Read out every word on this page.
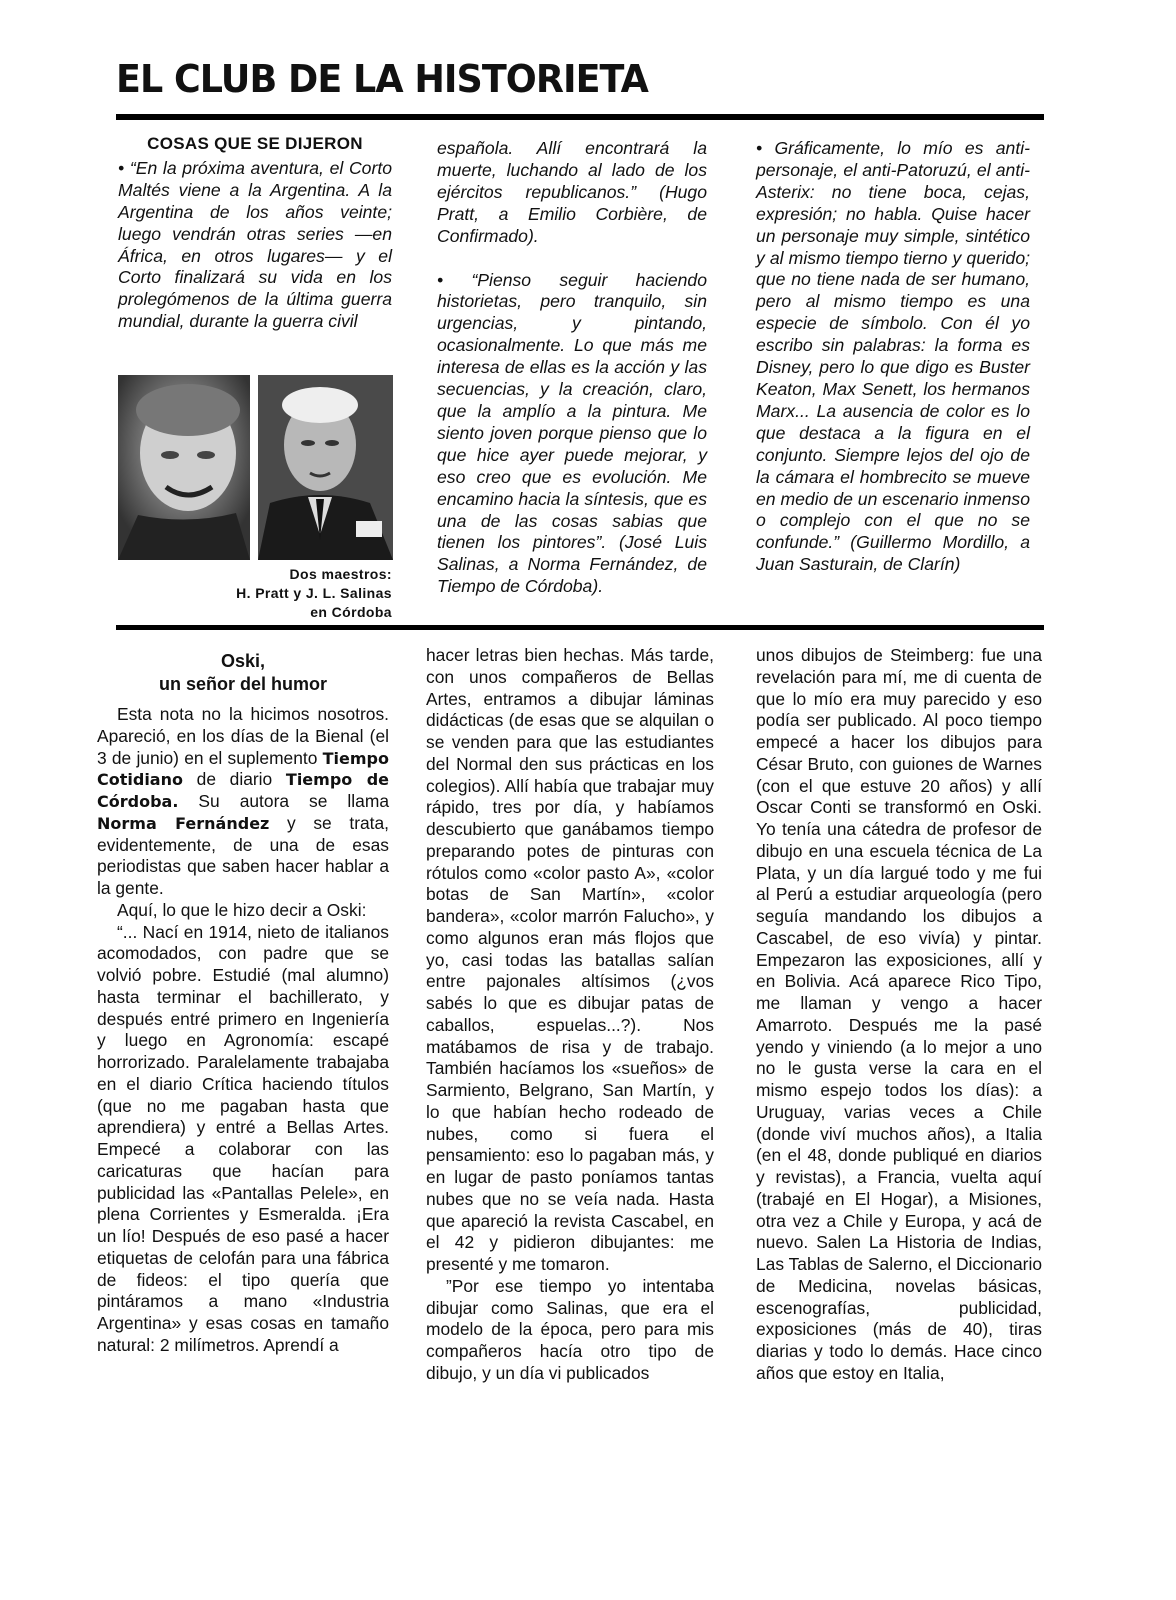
EL CLUB DE LA HISTORIETA
COSAS QUE SE DIJERON

• “En la próxima aventura, el Corto Maltés viene a la Argentina. A la Argentina de los años veinte; luego vendrán otras series —en África, en otros lugares— y el Corto finalizará su vida en los prolegómenos de la última guerra mundial, durante la guerra civil

Dos maestros:
H. Pratt y J. L. Salinas
en Córdoba

española. Allí encontrará la muerte, luchando al lado de los ejércitos republicanos.” (Hugo Pratt, a Emilio Corbière, de Confirmado).

• “Pienso seguir haciendo historietas, pero tranquilo, sin urgencias, y pintando, ocasionalmente. Lo que más me interesa de ellas es la acción y las secuencias, y la creación, claro, que la amplío a la pintura. Me siento joven porque pienso que lo que hice ayer puede mejorar, y eso creo que es evolución. Me encamino hacia la síntesis, que es una de las cosas sabias que tienen los pintores”. (José Luis Salinas, a Norma Fernández, de Tiempo de Córdoba).

• Gráficamente, lo mío es anti-personaje, el anti-Patoruzú, el anti-Asterix: no tiene boca, cejas, expresión; no habla. Quise hacer un personaje muy simple, sintético y al mismo tiempo tierno y querido; que no tiene nada de ser humano, pero al mismo tiempo es una especie de símbolo. Con él yo escribo sin palabras: la forma es Disney, pero lo que digo es Buster Keaton, Max Senett, los hermanos Marx... La ausencia de color es lo que destaca a la figura en el conjunto. Siempre lejos del ojo de la cámara el hombrecito se mueve en medio de un escenario inmenso o complejo con el que no se confunde.” (Guillermo Mordillo, a Juan Sasturain, de Clarín)

Oski,
un señor del humor

Esta nota no la hicimos nosotros. Apareció, en los días de la Bienal (el 3 de junio) en el suplemento Tiempo Cotidiano de diario Tiempo de Córdoba. Su autora se llama Norma Fernández y se trata, evidentemente, de una de esas periodistas que saben hacer hablar a la gente.

Aquí, lo que le hizo decir a Oski:

“... Nací en 1914, nieto de italianos acomodados, con padre que se volvió pobre. Estudié (mal alumno) hasta terminar el bachillerato, y después entré primero en Ingeniería y luego en Agronomía: escapé horrorizado. Paralelamente trabajaba en el diario Crítica haciendo títulos (que no me pagaban hasta que aprendiera) y entré a Bellas Artes. Empecé a colaborar con las caricaturas que hacían para publicidad las «Pantallas Pelele», en plena Corrientes y Esmeralda. ¡Era un lío! Después de eso pasé a hacer etiquetas de celofán para una fábrica de fideos: el tipo quería que pintáramos a mano «Industria Argentina» y esas cosas en tamaño natural: 2 milímetros. Aprendí a

hacer letras bien hechas. Más tarde, con unos compañeros de Bellas Artes, entramos a dibujar láminas didácticas (de esas que se alquilan o se venden para que las estudiantes del Normal den sus prácticas en los colegios). Allí había que trabajar muy rápido, tres por día, y habíamos descubierto que ganábamos tiempo preparando potes de pinturas con rótulos como «color pasto A», «color botas de San Martín», «color bandera», «color marrón Falucho», y como algunos eran más flojos que yo, casi todas las batallas salían entre pajonales altísimos (¿vos sabés lo que es dibujar patas de caballos, espuelas...?). Nos matábamos de risa y de trabajo. También hacíamos los «sueños» de Sarmiento, Belgrano, San Martín, y lo que habían hecho rodeado de nubes, como si fuera el pensamiento: eso lo pagaban más, y en lugar de pasto poníamos tantas nubes que no se veía nada. Hasta que apareció la revista Cascabel, en el 42 y pidieron dibujantes: me presenté y me tomaron.

”Por ese tiempo yo intentaba dibujar como Salinas, que era el modelo de la época, pero para mis compañeros hacía otro tipo de dibujo, y un día vi publicados

unos dibujos de Steimberg: fue una revelación para mí, me di cuenta de que lo mío era muy parecido y eso podía ser publicado. Al poco tiempo empecé a hacer los dibujos para César Bruto, con guiones de Warnes (con el que estuve 20 años) y allí Oscar Conti se transformó en Oski. Yo tenía una cátedra de profesor de dibujo en una escuela técnica de La Plata, y un día largué todo y me fui al Perú a estudiar arqueología (pero seguía mandando los dibujos a Cascabel, de eso vivía) y pintar. Empezaron las exposiciones, allí y en Bolivia. Acá aparece Rico Tipo, me llaman y vengo a hacer Amarroto. Después me la pasé yendo y viniendo (a lo mejor a uno no le gusta verse la cara en el mismo espejo todos los días): a Uruguay, varias veces a Chile (donde viví muchos años), a Italia (en el 48, donde publiqué en diarios y revistas), a Francia, vuelta aquí (trabajé en El Hogar), a Misiones, otra vez a Chile y Europa, y acá de nuevo. Salen La Historia de Indias, Las Tablas de Salerno, el Diccionario de Medicina, novelas básicas, escenografías, publicidad, exposiciones (más de 40), tiras diarias y todo lo demás. Hace cinco años que estoy en Italia,
